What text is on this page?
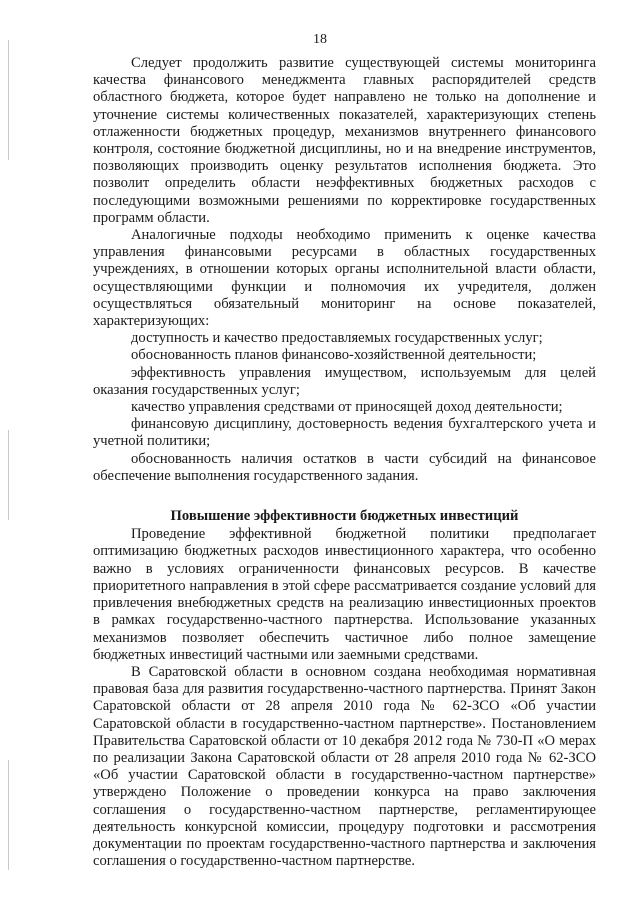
18

Следует продолжить развитие существующей системы мониторинга качества финансового менеджмента главных распорядителей средств областного бюджета, которое будет направлено не только на дополнение и уточнение системы количественных показателей, характеризующих степень отлаженности бюджетных процедур, механизмов внутреннего финансового контроля, состояние бюджетной дисциплины, но и на внедрение инструментов, позволяющих производить оценку результатов исполнения бюджета. Это позволит определить области неэффективных бюджетных расходов с последующими возможными решениями по корректировке государственных программ области.

Аналогичные подходы необходимо применить к оценке качества управления финансовыми ресурсами в областных государственных учреждениях, в отношении которых органы исполнительной власти области, осуществляющими функции и полномочия их учредителя, должен осуществляться обязательный мониторинг на основе показателей, характеризующих:

доступность и качество предоставляемых государственных услуг;

обоснованность планов финансово-хозяйственной деятельности;

эффективность управления имуществом, используемым для целей оказания государственных услуг;

качество управления средствами от приносящей доход деятельности;

финансовую дисциплину, достоверность ведения бухгалтерского учета и учетной политики;

обоснованность наличия остатков в части субсидий на финансовое обеспечение выполнения государственного задания.

Повышение эффективности бюджетных инвестиций

Проведение эффективной бюджетной политики предполагает оптимизацию бюджетных расходов инвестиционного характера, что особенно важно в условиях ограниченности финансовых ресурсов. В качестве приоритетного направления в этой сфере рассматривается создание условий для привлечения внебюджетных средств на реализацию инвестиционных проектов в рамках государственно-частного партнерства. Использование указанных механизмов позволяет обеспечить частичное либо полное замещение бюджетных инвестиций частными или заемными средствами.

В Саратовской области в основном создана необходимая нормативная правовая база для развития государственно-частного партнерства. Принят Закон Саратовской области от 28 апреля 2010 года № 62-ЗСО «Об участии Саратовской области в государственно-частном партнерстве». Постановлением Правительства Саратовской области от 10 декабря 2012 года № 730-П «О мерах по реализации Закона Саратовской области от 28 апреля 2010 года № 62-ЗСО «Об участии Саратовской области в государственно-частном партнерстве» утверждено Положение о проведении конкурса на право заключения соглашения о государственно-частном партнерстве, регламентирующее деятельность конкурсной комиссии, процедуру подготовки и рассмотрения документации по проектам государственно-частного партнерства и заключения соглашения о государственно-частном партнерстве.
